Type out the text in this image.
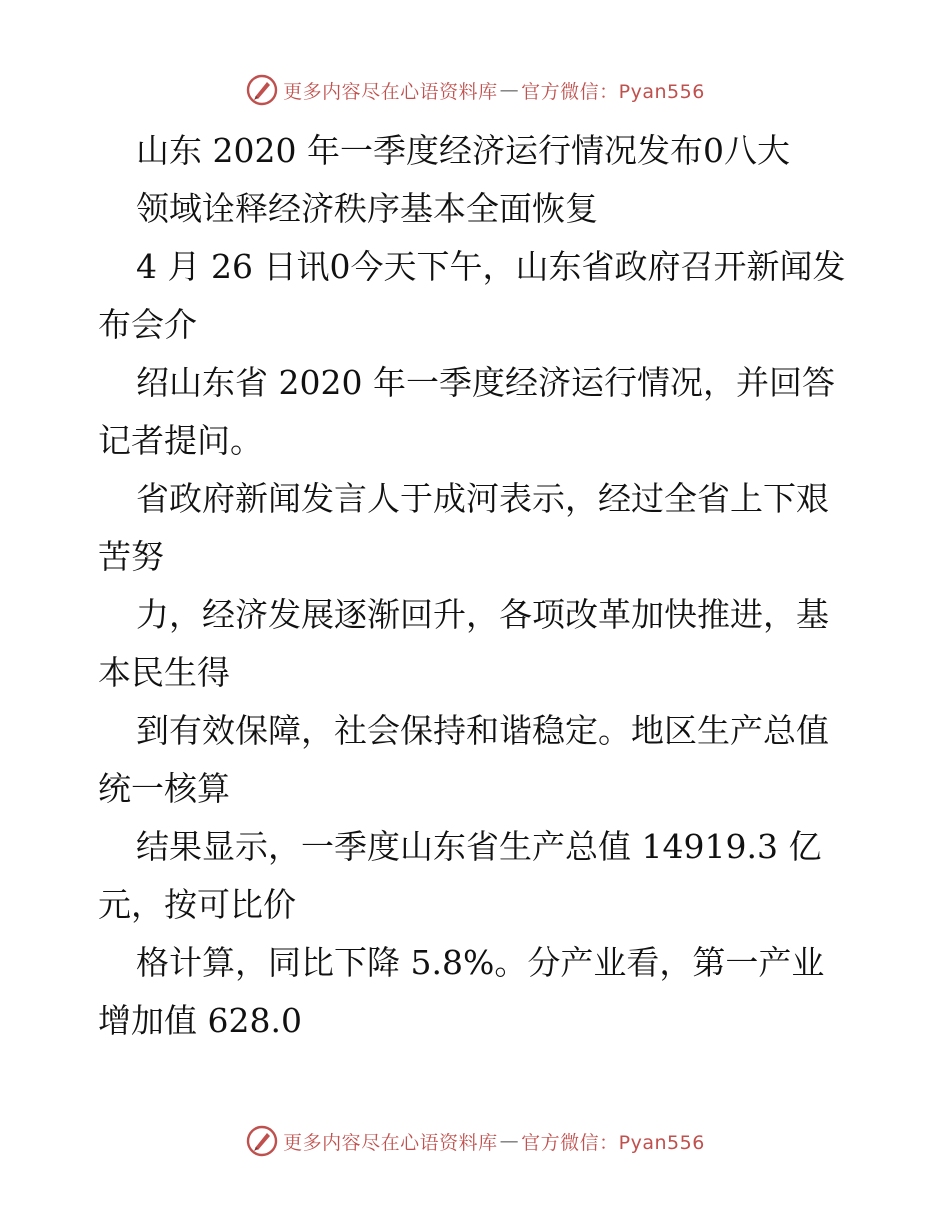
更多内容尽在心语资料库 — 官方微信：Pyan556
山东 2020 年一季度经济运行情况发布0八大
领域诠释经济秩序基本全面恢复
4 月 26 日讯0今天下午，山东省政府召开新闻发
布会介
绍山东省 2020 年一季度经济运行情况，并回答
记者提问。
省政府新闻发言人于成河表示，经过全省上下艰
苦努
力，经济发展逐渐回升，各项改革加快推进，基
本民生得
到有效保障，社会保持和谐稳定。地区生产总值
统一核算
结果显示，一季度山东省生产总值 14919.3 亿
元，按可比价
格计算，同比下降 5.8%。分产业看，第一产业
增加值 628.0
更多内容尽在心语资料库 — 官方微信：Pyan556
